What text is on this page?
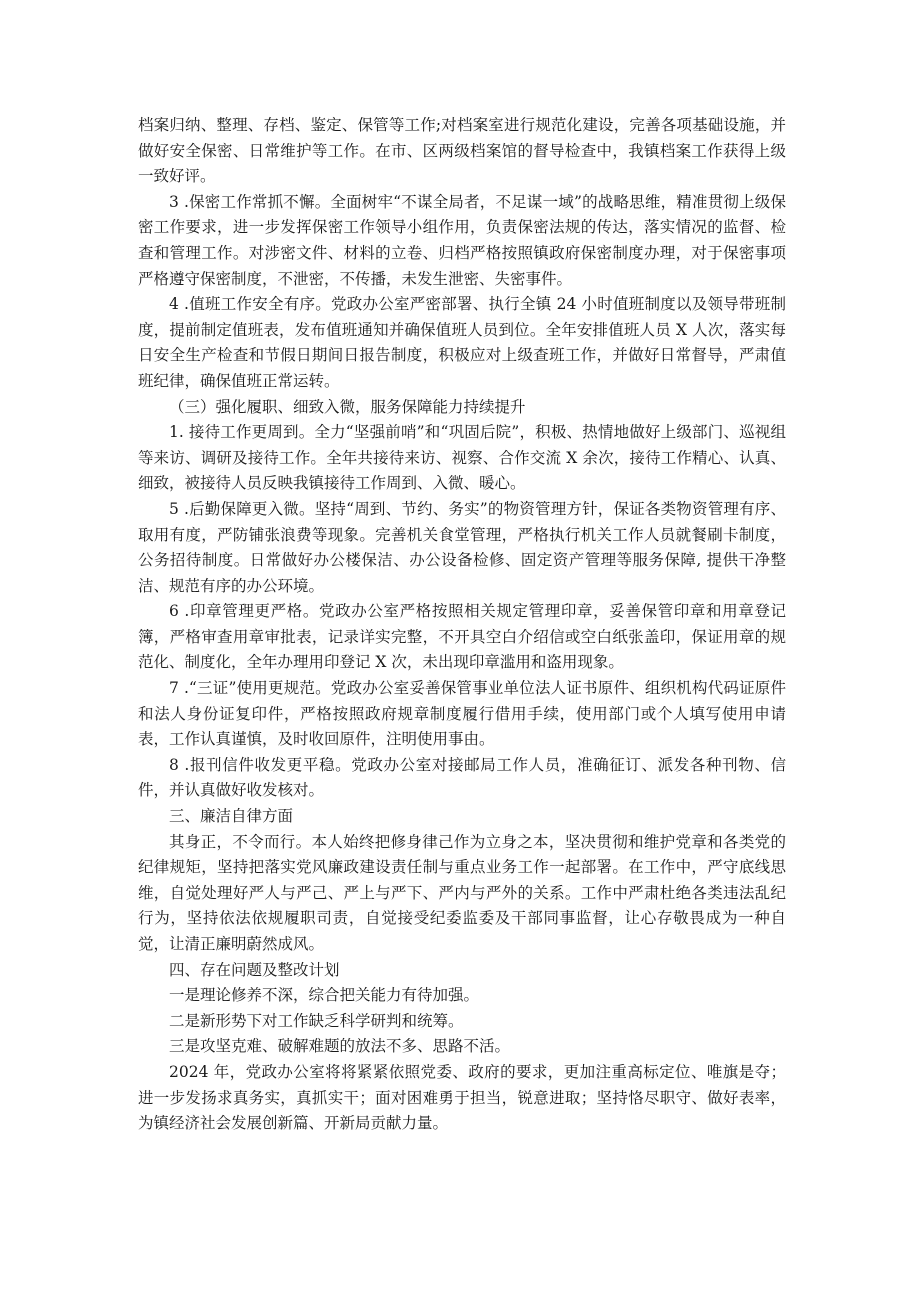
档案归纳、整理、存档、鉴定、保管等工作;对档案室进行规范化建设，完善各项基础设施，并做好安全保密、日常维护等工作。在市、区两级档案馆的督导检查中，我镇档案工作获得上级一致好评。

3 .保密工作常抓不懈。全面树牢“不谋全局者，不足谋一域”的战略思维，精准贯彻上级保密工作要求，进一步发挥保密工作领导小组作用，负责保密法规的传达，落实情况的监督、检查和管理工作。对涉密文件、材料的立卷、归档严格按照镇政府保密制度办理，对于保密事项严格遵守保密制度，不泄密，不传播，未发生泄密、失密事件。

4 .值班工作安全有序。党政办公室严密部署、执行全镇 24 小时值班制度以及领导带班制度，提前制定值班表，发布值班通知并确保值班人员到位。全年安排值班人员 X 人次，落实每日安全生产检查和节假日期间日报告制度，积极应对上级查班工作，并做好日常督导，严肃值班纪律，确保值班正常运转。

（三）强化履职、细致入微，服务保障能力持续提升

1. 接待工作更周到。全力“坚强前哨”和“巩固后院”，积极、热情地做好上级部门、巡视组等来访、调研及接待工作。全年共接待来访、视察、合作交流 X 余次，接待工作精心、认真、细致，被接待人员反映我镇接待工作周到、入微、暖心。

5 .后勤保障更入微。坚持“周到、节约、务实”的物资管理方针，保证各类物资管理有序、取用有度，严防铺张浪费等现象。完善机关食堂管理，严格执行机关工作人员就餐刷卡制度，公务招待制度。日常做好办公楼保洁、办公设备检修、固定资产管理等服务保障, 提供干净整洁、规范有序的办公环境。

6 .印章管理更严格。党政办公室严格按照相关规定管理印章，妥善保管印章和用章登记簿，严格审查用章审批表，记录详实完整，不开具空白介绍信或空白纸张盖印，保证用章的规范化、制度化，全年办理用印登记 X 次，未出现印章滥用和盗用现象。

7 .“三证”使用更规范。党政办公室妥善保管事业单位法人证书原件、组织机构代码证原件和法人身份证复印件，严格按照政府规章制度履行借用手续，使用部门或个人填写使用申请表，工作认真谨慎，及时收回原件，注明使用事由。

8 .报刊信件收发更平稳。党政办公室对接邮局工作人员，准确征订、派发各种刊物、信件，并认真做好收发核对。

三、廉洁自律方面

其身正，不令而行。本人始终把修身律己作为立身之本，坚决贯彻和维护党章和各类党的纪律规矩，坚持把落实党风廉政建设责任制与重点业务工作一起部署。在工作中，严守底线思维，自觉处理好严人与严己、严上与严下、严内与严外的关系。工作中严肃杜绝各类违法乱纪行为，坚持依法依规履职司责，自觉接受纪委监委及干部同事监督，让心存敬畏成为一种自觉，让清正廉明蔚然成风。

四、存在问题及整改计划

一是理论修养不深，综合把关能力有待加强。

二是新形势下对工作缺乏科学研判和统筹。

三是攻坚克难、破解难题的放法不多、思路不活。

2024 年，党政办公室将将紧紧依照党委、政府的要求，更加注重高标定位、唯旗是夺；进一步发扬求真务实，真抓实干；面对困难勇于担当，锐意进取；坚持恪尽职守、做好表率，为镇经济社会发展创新篇、开新局贡献力量。
